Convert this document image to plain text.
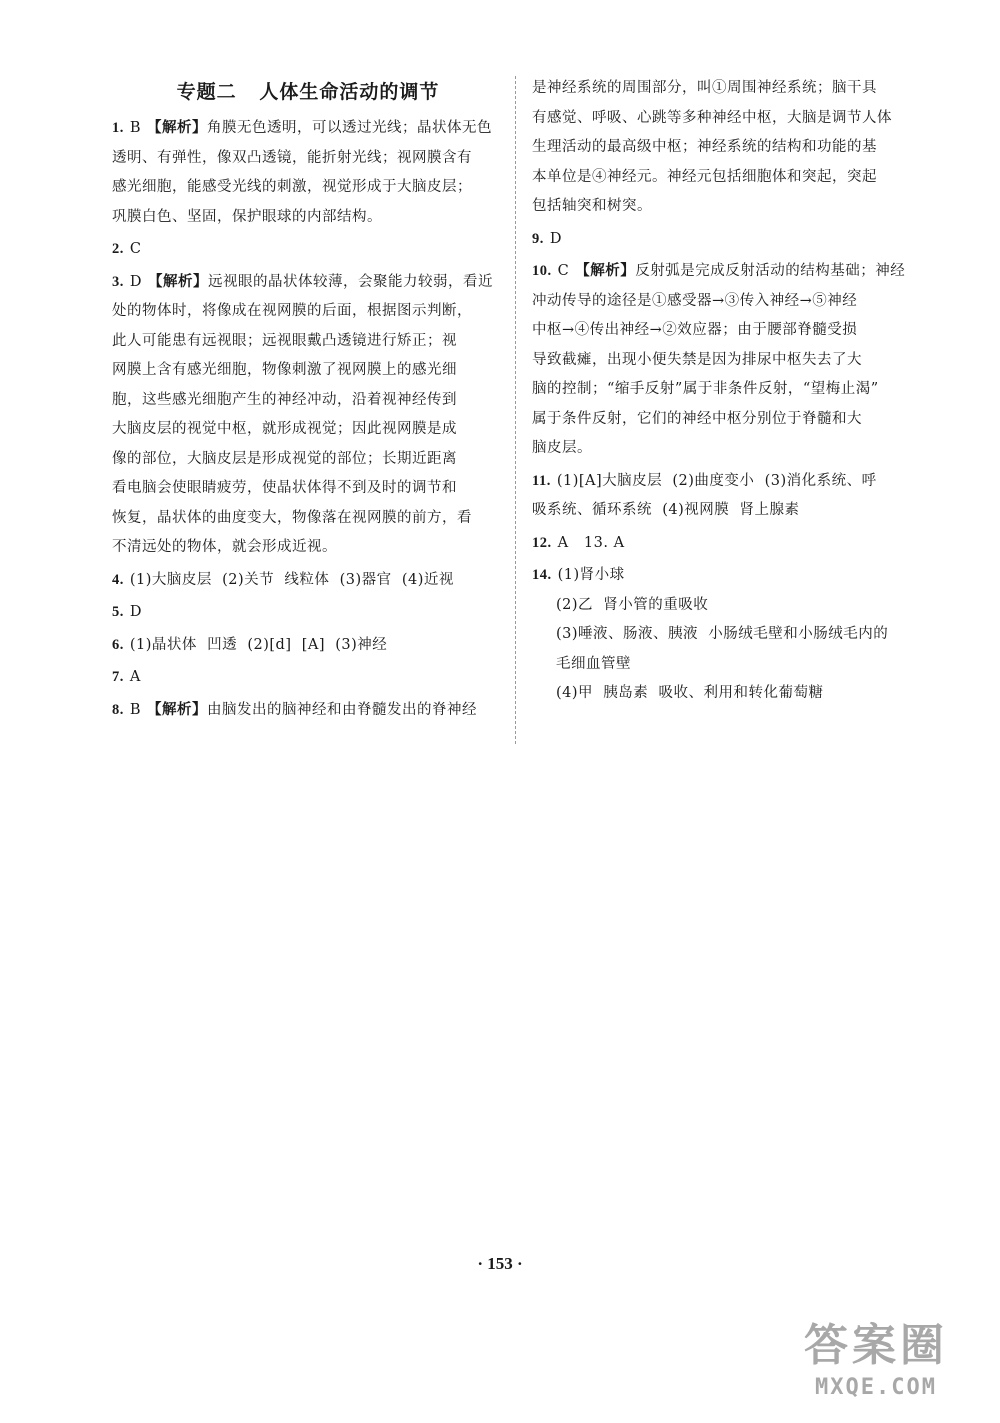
专题二   人体生命活动的调节
1. B 【解析】角膜无色透明，可以透过光线；晶状体无色
透明、有弹性，像双凸透镜，能折射光线；视网膜含有
感光细胞，能感受光线的刺激，视觉形成于大脑皮层；
巩膜白色、坚固，保护眼球的内部结构。
2. C
3. D 【解析】远视眼的晶状体较薄，会聚能力较弱，看近
处的物体时，将像成在视网膜的后面，根据图示判断，
此人可能患有远视眼；远视眼戴凸透镜进行矫正；视
网膜上含有感光细胞，物像刺激了视网膜上的感光细
胞，这些感光细胞产生的神经冲动，沿着视神经传到
大脑皮层的视觉中枢，就形成视觉；因此视网膜是成
像的部位，大脑皮层是形成视觉的部位；长期近距离
看电脑会使眼睛疲劳，使晶状体得不到及时的调节和
恢复，晶状体的曲度变大，物像落在视网膜的前方，看
不清远处的物体，就会形成近视。
4. (1)大脑皮层  (2)关节  线粒体  (3)器官  (4)近视
5. D
6. (1)晶状体  凹透  (2)[d]  [A]  (3)神经
7. A
8. B 【解析】由脑发出的脑神经和由脊髓发出的脊神经
是神经系统的周围部分，叫①周围神经系统；脑干具
有感觉、呼吸、心跳等多种神经中枢，大脑是调节人体
生理活动的最高级中枢；神经系统的结构和功能的基
本单位是④神经元。神经元包括细胞体和突起，突起
包括轴突和树突。
9. D
10. C 【解析】反射弧是完成反射活动的结构基础；神经
冲动传导的途径是①感受器→③传入神经→⑤神经
中枢→④传出神经→②效应器；由于腰部脊髓受损
导致截瘫，出现小便失禁是因为排尿中枢失去了大
脑的控制；“缩手反射”属于非条件反射，“望梅止渴”
属于条件反射，它们的神经中枢分别位于脊髓和大
脑皮层。
11. (1)[A]大脑皮层  (2)曲度变小  (3)消化系统、呼
吸系统、循环系统  (4)视网膜  肾上腺素
12. A   13. A
14. (1)肾小球
(2)乙  肾小管的重吸收
(3)唾液、肠液、胰液  小肠绒毛壁和小肠绒毛内的
毛细血管壁
(4)甲  胰岛素  吸收、利用和转化葡萄糖
· 153 ·
答案圈
MXQE.COM
